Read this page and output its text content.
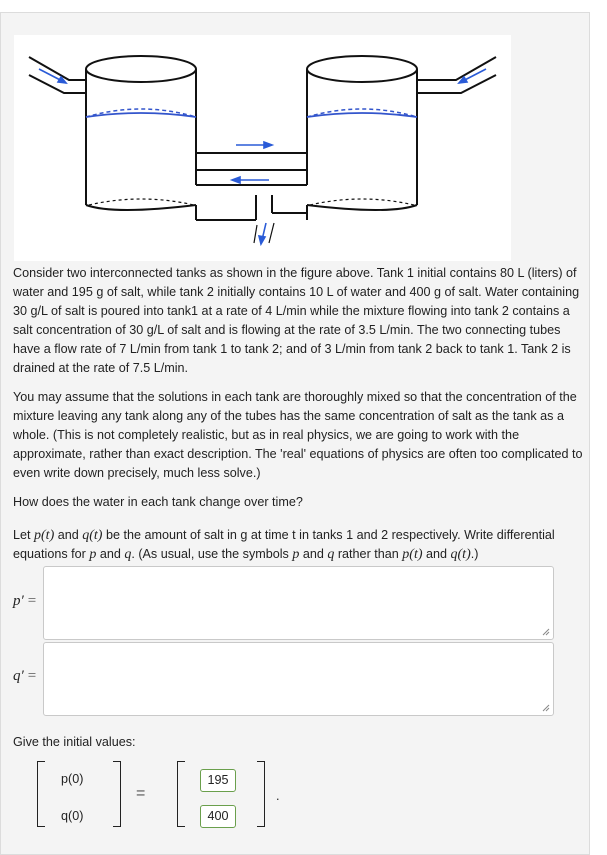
Consider two interconnected tanks as shown in the figure above. Tank 1 initial contains 80 L (liters) of water and 195 g of salt, while tank 2 initially contains 10 L of water and 400 g of salt. Water containing 30 g/L of salt is poured into tank1 at a rate of 4 L/min while the mixture flowing into tank 2 contains a salt concentration of 30 g/L of salt and is flowing at the rate of 3.5 L/min. The two connecting tubes have a flow rate of 7 L/min from tank 1 to tank 2; and of 3 L/min from tank 2 back to tank 1. Tank 2 is drained at the rate of 7.5 L/min.

You may assume that the solutions in each tank are thoroughly mixed so that the concentration of the mixture leaving any tank along any of the tubes has the same concentration of salt as the tank as a whole. (This is not completely realistic, but as in real physics, we are going to work with the approximate, rather than exact description. The 'real' equations of physics are often too complicated to even write down precisely, much less solve.)

How does the water in each tank change over time?

Let p(t) and q(t) be the amount of salt in g at time t in tanks 1 and 2 respectively. Write differential equations for p and q. (As usual, use the symbols p and q rather than p(t) and q(t).)

p′ =
q′ =

Give the initial values:

p(0)
q(0)
=
195
400
.
